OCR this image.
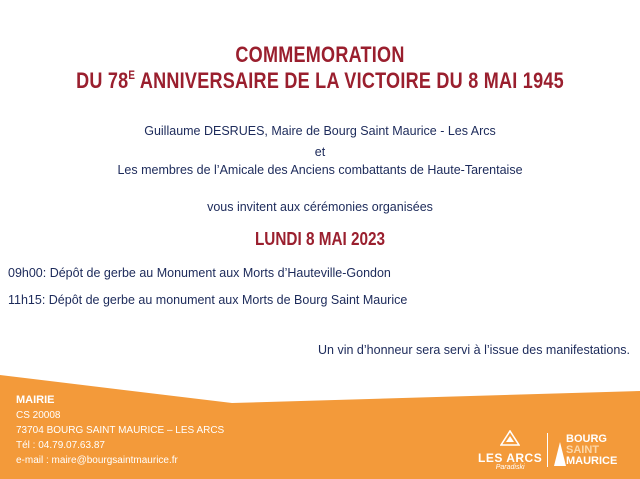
COMMEMORATION
DU $78^E$ ANNIVERSAIRE DE LA VICTOIRE DU 8 MAI 1945
Guillaume DESRUES, Maire de Bourg Saint Maurice - Les Arcs
et
Les membres de l’Amicale des Anciens combattants de Haute-Tarentaise
vous invitent aux cérémonies organisées
LUNDI 8 MAI 2023
09h00: Dépôt de gerbe au Monument aux Morts d’Hauteville-Gondon
11h15: Dépôt de gerbe au monument aux Morts de Bourg Saint Maurice
Un vin d’honneur sera servi à l’issue des manifestations.
MAIRIE
CS 20008
73704 BOURG SAINT MAURICE – LES ARCS
Tél : 04.79.07.63.87
e-mail : maire@bourgsaintmaurice.fr	LES ARCS
Paradiski
BOURG
SAINT
MAURICE
